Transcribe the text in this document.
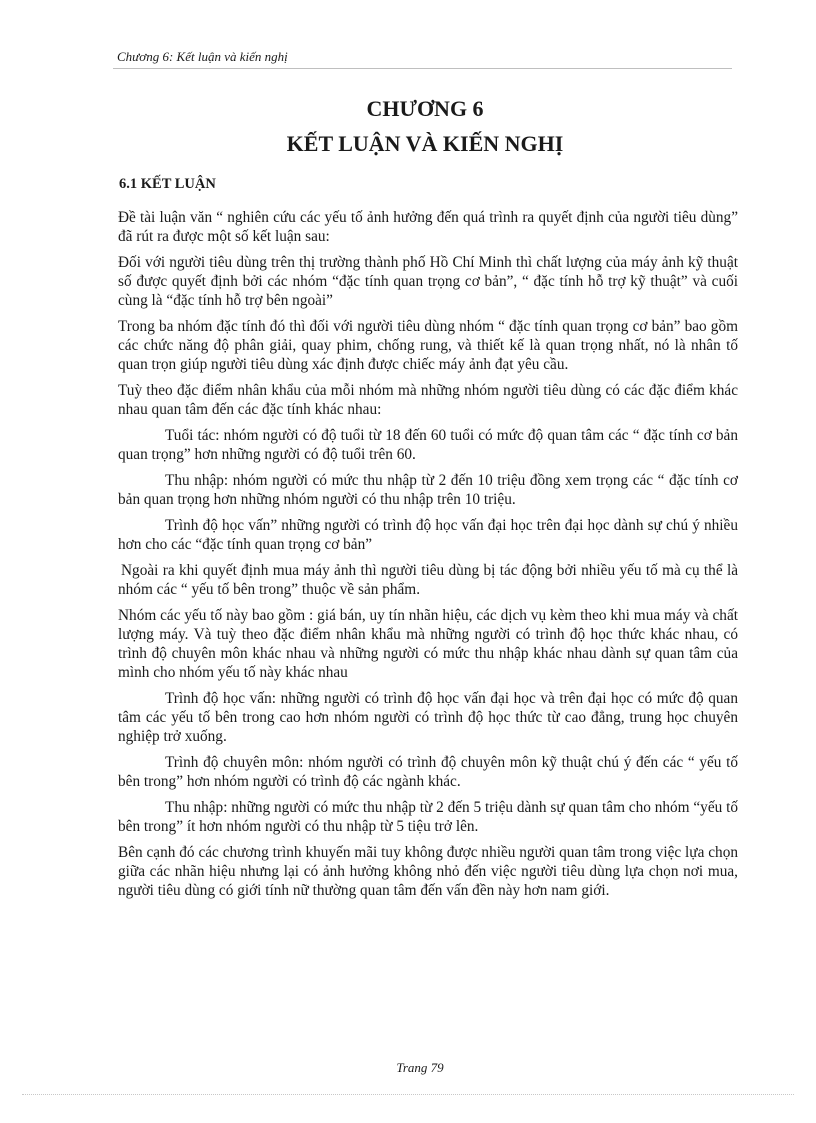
Chương 6: Kết luận và kiến nghị
CHƯƠNG 6
KẾT LUẬN VÀ KIẾN NGHỊ
6.1 KẾT LUẬN

Đề tài luận văn “ nghiên cứu các yếu tố ảnh hưởng đến quá trình ra quyết định của người tiêu dùng” đã rút ra được một số kết luận sau:

Đối với người tiêu dùng trên thị trường thành phố Hồ Chí Minh thì chất lượng của máy ảnh kỹ thuật số được quyết định bởi các nhóm “đặc tính quan trọng cơ bản”, “ đặc tính hỗ trợ kỹ thuật” và cuối cùng là “đặc tính hỗ trợ bên ngoài”

Trong ba nhóm đặc tính đó thì đối với người tiêu dùng nhóm “ đặc tính quan trọng cơ bản” bao gồm các chức năng độ phân giải, quay phim, chống rung, và thiết kế là quan trọng nhất, nó là nhân tố quan trọn giúp người tiêu dùng xác định được chiếc máy ảnh đạt yêu cầu.

Tuỳ theo đặc điểm nhân khẩu của mỗi nhóm mà những nhóm người tiêu dùng có các đặc điểm khác nhau quan tâm đến các đặc tính khác nhau:

Tuổi tác: nhóm người có độ tuổi từ 18 đến 60 tuổi có mức độ quan tâm các “ đặc tính cơ bản quan trọng” hơn những người có độ tuổi trên 60.

Thu nhập: nhóm người có mức thu nhập từ 2 đến 10 triệu đồng xem trọng các “ đặc tính cơ bản quan trọng hơn những nhóm người có thu nhập trên 10 triệu.

Trình độ học vấn” những người có trình độ học vấn đại học trên đại học dành sự chú ý nhiều hơn cho các “đặc tính quan trọng cơ bản”

Ngoài ra khi quyết định mua máy ảnh thì người tiêu dùng bị tác động bởi nhiều yếu tố mà cụ thể là nhóm các “ yếu tố bên trong” thuộc về sản phẩm.

Nhóm các yếu tố này bao gồm : giá bán, uy tín nhãn hiệu, các dịch vụ kèm theo khi mua máy và chất lượng máy. Và tuỳ theo đặc điểm nhân khẩu mà những người có trình độ học thức khác nhau, có trình độ chuyên môn khác nhau và những người có mức thu nhập khác nhau dành sự quan tâm của mình cho nhóm yếu tố này khác nhau

Trình độ học vấn: những người có trình độ học vấn đại học và trên đại học có mức độ quan tâm các yếu tố bên trong cao hơn nhóm người có trình độ học thức từ cao đẳng, trung học chuyên nghiệp trở xuống.

Trình độ chuyên môn: nhóm người có trình độ chuyên môn kỹ thuật chú ý đến các “ yếu tố bên trong” hơn nhóm người có trình độ các ngành khác.

Thu nhập: những người có mức thu nhập từ 2 đến 5 triệu dành sự quan tâm cho nhóm “yếu tố bên trong” ít hơn nhóm người có thu nhập từ 5 tiệu trở lên.

Bên cạnh đó các chương trình khuyến mãi tuy không được nhiều người quan tâm trong việc lựa chọn giữa các nhãn hiệu nhưng lại có ảnh hưởng không nhỏ đến việc người tiêu dùng lựa chọn nơi mua, người tiêu dùng có giới tính nữ thường quan tâm đến vấn đền này hơn nam giới.

Trang 79
